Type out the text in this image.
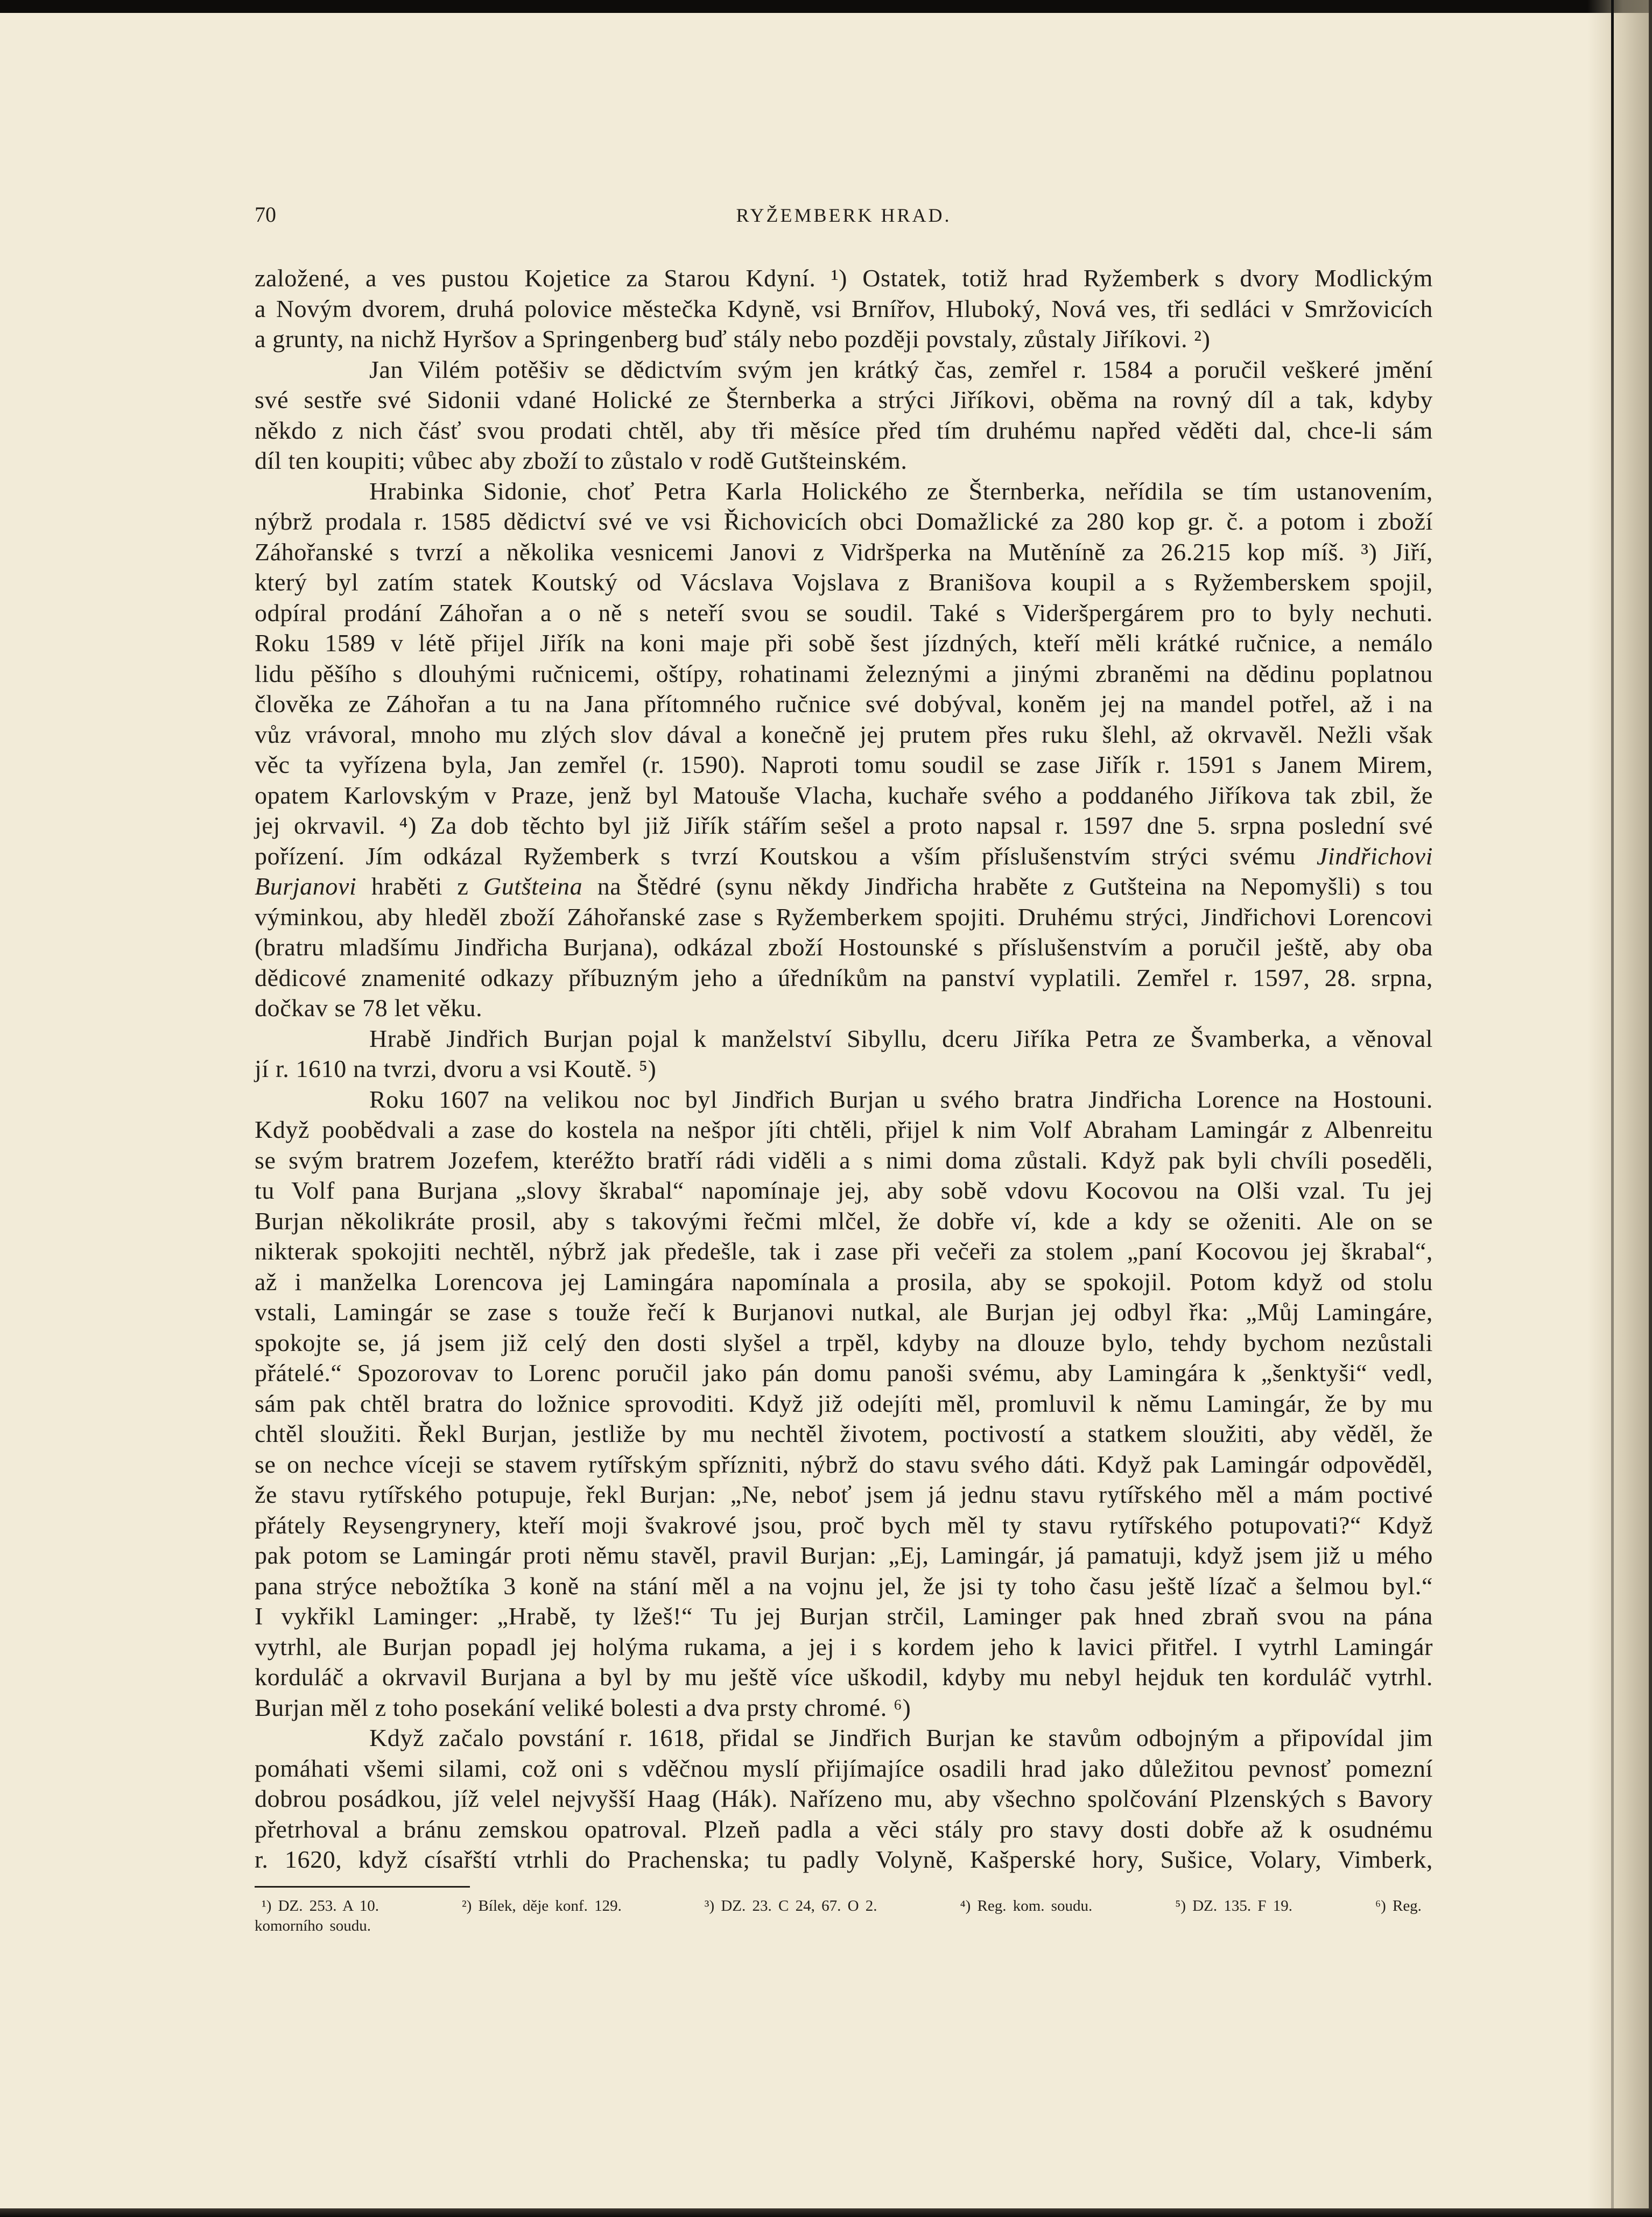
70	RYŽEMBERK HRAD.
založené, a ves pustou Kojetice za Starou Kdyní. ¹) Ostatek, totiž hrad Ryžemberk s dvory Modlickým
a Novým dvorem, druhá polovice městečka Kdyně, vsi Brnířov, Hluboký, Nová ves, tři sedláci v Smržovicích
a grunty, na nichž Hyršov a Springenberg buď stály nebo později povstaly, zůstaly Jiříkovi. ²)
Jan Vilém potěšiv se dědictvím svým jen krátký čas, zemřel r. 1584 a poručil veškeré jmění
své sestře své Sidonii vdané Holické ze Šternberka a strýci Jiříkovi, oběma na rovný díl a tak, kdyby
někdo z nich čásť svou prodati chtěl, aby tři měsíce před tím druhému napřed věděti dal, chce-li sám
díl ten koupiti; vůbec aby zboží to zůstalo v rodě Gutšteinském.
Hrabinka Sidonie, choť Petra Karla Holického ze Šternberka, neřídila se tím ustanovením,
nýbrž prodala r. 1585 dědictví své ve vsi Řichovicích obci Domažlické za 280 kop gr. č. a potom i zboží
Záhořanské s tvrzí a několika vesnicemi Janovi z Vidršperka na Mutěníně za 26.215 kop míš. ³) Jiří,
který byl zatím statek Koutský od Vácslava Vojslava z Branišova koupil a s Ryžemberskem spojil,
odpíral prodání Záhořan a o ně s neteří svou se soudil. Také s Videršpergárem pro to byly nechuti.
Roku 1589 v létě přijel Jiřík na koni maje při sobě šest jízdných, kteří měli krátké ručnice, a nemálo
lidu pěšího s dlouhými ručnicemi, oštípy, rohatinami železnými a jinými zbraněmi na dědinu poplatnou
člověka ze Záhořan a tu na Jana přítomného ručnice své dobýval, koněm jej na mandel potřel, až i na
vůz vrávoral, mnoho mu zlých slov dával a konečně jej prutem přes ruku šlehl, až okrvavěl. Nežli však
věc ta vyřízena byla, Jan zemřel (r. 1590). Naproti tomu soudil se zase Jiřík r. 1591 s Janem Mirem,
opatem Karlovským v Praze, jenž byl Matouše Vlacha, kuchaře svého a poddaného Jiříkova tak zbil, že
jej okrvavil. ⁴) Za dob těchto byl již Jiřík stářím sešel a proto napsal r. 1597 dne 5. srpna poslední své
pořízení. Jím odkázal Ryžemberk s tvrzí Koutskou a vším příslušenstvím strýci svému Jindřichovi
Burjanovi hraběti z Gutšteina na Štědré (synu někdy Jindřicha hraběte z Gutšteina na Nepomyšli) s tou
výminkou, aby hleděl zboží Záhořanské zase s Ryžemberkem spojiti. Druhému strýci, Jindřichovi Lorencovi
(bratru mladšímu Jindřicha Burjana), odkázal zboží Hostounské s příslušenstvím a poručil ještě, aby oba
dědicové znamenité odkazy příbuzným jeho a úředníkům na panství vyplatili. Zemřel r. 1597, 28. srpna,
dočkav se 78 let věku.
Hrabě Jindřich Burjan pojal k manželství Sibyllu, dceru Jiříka Petra ze Švamberka, a věnoval
jí r. 1610 na tvrzi, dvoru a vsi Koutě. ⁵)
Roku 1607 na velikou noc byl Jindřich Burjan u svého bratra Jindřicha Lorence na Hostouni.
Když poobědvali a zase do kostela na nešpor jíti chtěli, přijel k nim Volf Abraham Lamingár z Albenreitu
se svým bratrem Jozefem, kteréžto bratří rádi viděli a s nimi doma zůstali. Když pak byli chvíli poseděli,
tu Volf pana Burjana „slovy škrabal“ napomínaje jej, aby sobě vdovu Kocovou na Olši vzal. Tu jej
Burjan několikráte prosil, aby s takovými řečmi mlčel, že dobře ví, kde a kdy se oženiti. Ale on se
nikterak spokojiti nechtěl, nýbrž jak předešle, tak i zase při večeři za stolem „paní Kocovou jej škrabal“,
až i manželka Lorencova jej Lamingára napomínala a prosila, aby se spokojil. Potom když od stolu
vstali, Lamingár se zase s touže řečí k Burjanovi nutkal, ale Burjan jej odbyl řka: „Můj Lamingáre,
spokojte se, já jsem již celý den dosti slyšel a trpěl, kdyby na dlouze bylo, tehdy bychom nezůstali
přátelé.“ Spozorovav to Lorenc poručil jako pán domu panoši svému, aby Lamingára k „šenktyši“ vedl,
sám pak chtěl bratra do ložnice sprovoditi. Když již odejíti měl, promluvil k němu Lamingár, že by mu
chtěl sloužiti. Řekl Burjan, jestliže by mu nechtěl životem, poctivostí a statkem sloužiti, aby věděl, že
se on nechce víceji se stavem rytířským spřízniti, nýbrž do stavu svého dáti. Když pak Lamingár odpověděl,
že stavu rytířského potupuje, řekl Burjan: „Ne, neboť jsem já jednu stavu rytířského měl a mám poctivé
přátely Reysengrynery, kteří moji švakrové jsou, proč bych měl ty stavu rytířského potupovati?“ Když
pak potom se Lamingár proti němu stavěl, pravil Burjan: „Ej, Lamingár, já pamatuji, když jsem již u mého
pana strýce nebožtíka 3 koně na stání měl a na vojnu jel, že jsi ty toho času ještě lízač a šelmou byl.“
I vykřikl Laminger: „Hrabě, ty lžeš!“ Tu jej Burjan strčil, Laminger pak hned zbraň svou na pána
vytrhl, ale Burjan popadl jej holýma rukama, a jej i s kordem jeho k lavici přitřel. I vytrhl Lamingár
korduláč a okrvavil Burjana a byl by mu ještě více uškodil, kdyby mu nebyl hejduk ten korduláč vytrhl.
Burjan měl z toho posekání veliké bolesti a dva prsty chromé. ⁶)
Když začalo povstání r. 1618, přidal se Jindřich Burjan ke stavům odbojným a připovídal jim
pomáhati všemi silami, což oni s vděčnou myslí přijímajíce osadili hrad jako důležitou pevnosť pomezní
dobrou posádkou, jíž velel nejvyšší Haag (Hák). Nařízeno mu, aby všechno spolčování Plzenských s Bavory
přetrhoval a bránu zemskou opatroval. Plzeň padla a věci stály pro stavy dosti dobře až k osudnému
r. 1620, když císařští vtrhli do Prachenska; tu padly Volyně, Kašperské hory, Sušice, Volary, Vimberk,
¹) DZ. 253. A 10.	²) Bílek, děje konf. 129.	³) DZ. 23. C 24, 67. O 2.	⁴) Reg. kom. soudu.	⁵) DZ. 135. F 19.	⁶) Reg.
komorního soudu.
